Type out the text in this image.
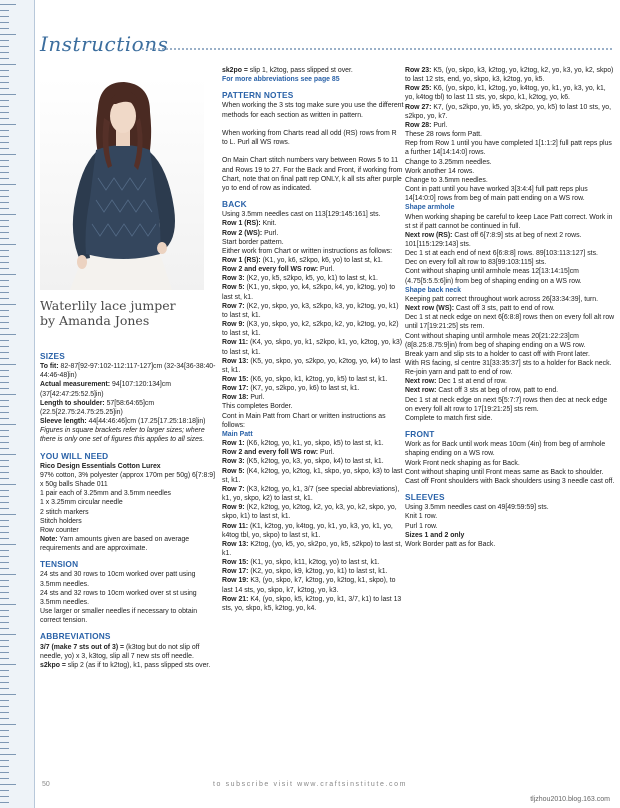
Instructions
Waterlily lace jumper
by Amanda Jones

SIZES

To fit: 82-87[92-97:102-112:117-127]cm (32-34[36-38:40-44:46-48]in)

Actual measurement: 94[107:120:134]cm (37[42:47:25:52.5]in)

Length to shoulder: 57[58:64:65]cm (22.5[22.75:24.75:25.25]in)

Sleeve length: 44[44:46:46]cm (17.25[17.25:18:18]in)

Figures in square brackets refer to larger sizes; where there is only one set of figures this applies to all sizes.

YOU WILL NEED

Rico Design Essentials Cotton Lurex

97% cotton, 3% polyester (approx 170m per 50g) 6[7:8:9] x 50g balls Shade 011

1 pair each of 3.25mm and 3.5mm needles
1 x 3.25mm circular needle
2 stitch markers
Stitch holders
Row counter

Note: Yarn amounts given are based on average requirements and are approximate.

TENSION

24 sts and 30 rows to 10cm worked over patt using 3.5mm needles.
24 sts and 32 rows to 10cm worked over st st using 3.5mm needles.
Use larger or smaller needles if necessary to obtain correct tension.

ABBREVIATIONS

3/7 (make 7 sts out of 3) = (k3tog but do not slip off needle, yo) x 3, k3tog, slip all 7 new sts off needle.

s2kpo = slip 2 (as if to k2tog), k1, pass slipped sts over.

sk2po = slip 1, k2tog, pass slipped st over.

For more abbreviations see page 85

PATTERN NOTES

When working the 3 sts tog make sure you use the different methods for each section as written in pattern.

When working from Charts read all odd (RS) rows from R to L. Purl all WS rows.

On Main Chart stitch numbers vary between Rows 5 to 11 and Rows 19 to 27. For the Back and Front, if working from Chart, note that on final patt rep ONLY, k all sts after purple yo to end of row as indicated.

BACK

Using 3.5mm needles cast on 113[129:145:161] sts.

Row 1 (RS): Knit.

Row 2 (WS): Purl.

Start border pattern.

Either work from Chart or written instructions as follows:

Row 1 (RS): (K1, yo, k6, s2kpo, k6, yo) to last st, k1.

Row 2 and every foll WS row: Purl.

Row 3: (K2, yo, k5, s2kpo, k5, yo, k1) to last st, k1.

Row 5: (K1, yo, skpo, yo, k4, s2kpo, k4, yo, k2tog, yo) to last st, k1.

Row 7: (K2, yo, skpo, yo, k3, s2kpo, k3, yo, k2tog, yo, k1) to last st, k1.

Row 9: (K3, yo, skpo, yo, k2, s2kpo, k2, yo, k2tog, yo, k2) to last st, k1.

Row 11: (K4, yo, skpo, yo, k1, s2kpo, k1, yo, k2tog, yo, k3) to last st, k1.

Row 13: (K5, yo, skpo, yo, s2kpo, yo, k2tog, yo, k4) to last st, k1.

Row 15: (K6, yo, skpo, k1, k2tog, yo, k5) to last st, k1.

Row 17: (K7, yo, s2kpo, yo, k6) to last st, k1.

Row 18: Purl.

This completes Border.

Cont in Main Patt from Chart or written instructions as follows:

Main Patt

Row 1: (K6, k2tog, yo, k1, yo, skpo, k5) to last st, k1.

Row 2 and every foll WS row: Purl.

Row 3: (K5, k2tog, yo, k3, yo, skpo, k4) to last st, k1.

Row 5: (K4, k2tog, yo, k2tog, k1, skpo, yo, skpo, k3) to last st, k1.

Row 7: (K3, k2tog, yo, k1, 3/7 (see special abbreviations), k1, yo, skpo, k2) to last st, k1.

Row 9: (K2, k2tog, yo, k2tog, k2, yo, k3, yo, k2, skpo, yo, skpo, k1) to last st, k1.

Row 11: (K1, k2tog, yo, k4tog, yo, k1, yo, k3, yo, k1, yo, k4tog tbl, yo, skpo) to last st, k1.

Row 13: K2tog, (yo, k5, yo, sk2po, yo, k5, s2kpo) to last st, k1.

Row 15: (K1, yo, skpo, k11, k2tog, yo) to last st, k1.

Row 17: (K2, yo, skpo, k9, k2tog, yo, k1) to last st, k1.

Row 19: K3, (yo, skpo, k7, k2tog, yo, k2tog, k1, skpo), to last 14 sts, yo, skpo, k7, k2tog, yo, k3.

Row 21: K4, (yo, skpo, k5, k2tog, yo, k1, 3/7, k1) to last 13 sts, yo, skpo, k5, k2tog, yo, k4.

Row 23: K5, (yo, skpo, k3, k2tog, yo, k2tog, k2, yo, k3, yo, k2, skpo) to last 12 sts, end, yo, skpo, k3, k2tog, yo, k5.

Row 25: K6, (yo, skpo, k1, k2tog, yo, k4tog, yo, k1, yo, k3, yo, k1, yo, k4tog tbl) to last 11 sts, yo, skpo, k1, k2tog, yo, k6.

Row 27: K7, (yo, s2kpo, yo, k5, yo, sk2po, yo, k5) to last 10 sts, yo, s2kpo, yo, k7.

Row 28: Purl.

These 28 rows form Patt.
Rep from Row 1 until you have completed 1[1:1:2] full patt reps plus a further 14[14:14:0] rows.
Change to 3.25mm needles.
Work another 14 rows.
Change to 3.5mm needles.
Cont in patt until you have worked 3[3:4:4] full patt reps plus 14[14:0:0] rows from beg of main patt ending on a WS row.

Shape armhole

When working shaping be careful to keep Lace Patt correct. Work in st st if patt cannot be continued in full.

Next row (RS): Cast off 6[7:8:9] sts at beg of next 2 rows. 101[115:129:143] sts.

Dec 1 st at each end of next 6[6:8:8] rows. 89[103:113:127] sts.
Dec on every foll alt row to 83[99:103:115] sts.
Cont without shaping until armhole meas 12[13:14:15]cm (4.75[5:5.5:6]in) from beg of shaping ending on a WS row.

Shape back neck

Keeping patt correct throughout work across 26[33:34:39], turn.

Next row (WS): Cast off 3 sts, patt to end of row.

Dec 1 st at neck edge on next 6[6:8:8] rows then on every foll alt row until 17[19:21:25] sts rem.
Cont without shaping until armhole meas 20[21:22:23]cm (8[8.25:8.75:9]in) from beg of shaping ending on a WS row.
Break yarn and slip sts to a holder to cast off with Front later.
With RS facing, sl centre 31[33:35:37] sts to a holder for Back neck.
Re-join yarn and patt to end of row.

Next row: Dec 1 st at end of row.

Next row: Cast off 3 sts at beg of row, patt to end.

Dec 1 st at neck edge on next 5[5:7:7] rows then dec at neck edge on every foll alt row to 17[19:21:25] sts rem.
Complete to match first side.

FRONT

Work as for Back until work meas 10cm (4in) from beg of armhole shaping ending on a WS row.
Work Front neck shaping as for Back.
Cont without shaping until Front meas same as Back to shoulder.
Cast off Front shoulders with Back shoulders using 3 needle cast off.

SLEEVES

Using 3.5mm needles cast on 49[49:59:59] sts.
Knit 1 row.
Purl 1 row.

Sizes 1 and 2 only

Work Border patt as for Back.

50	to subscribe visit www.craftsinstitute.com
tljzhou2010.blog.163.com
